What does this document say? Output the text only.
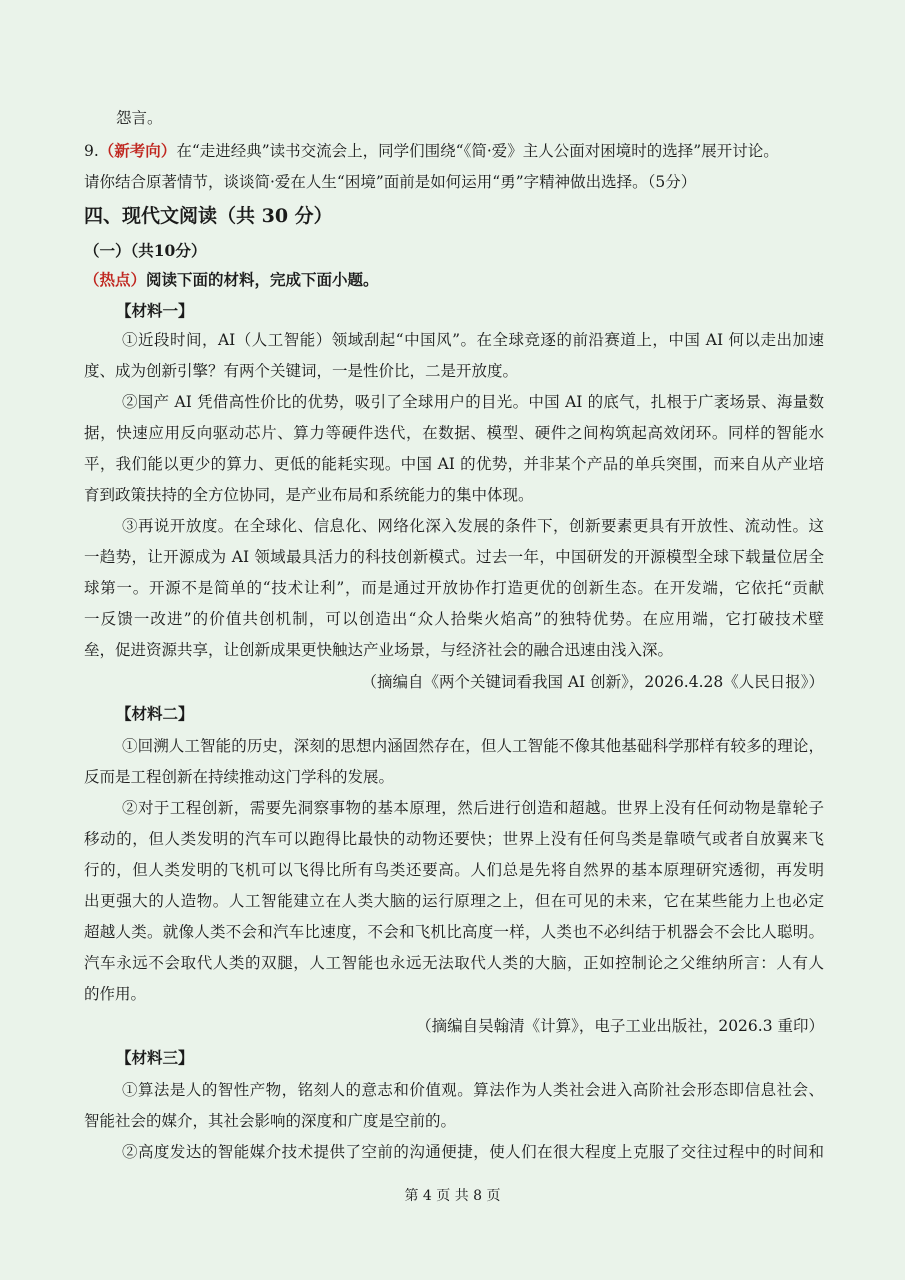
怨言。
9.（新考向）在“走进经典”读书交流会上，同学们围绕“《简·爱》主人公面对困境时的选择”展开讨论。
请你结合原著情节，谈谈简·爱在人生“困境”面前是如何运用“勇”字精神做出选择。（5分）
四、现代文阅读（共 30 分）
（一）（共10分）
（热点）阅读下面的材料，完成下面小题。
【材料一】
①近段时间，AI（人工智能）领域刮起“中国风”。在全球竞逐的前沿赛道上，中国 AI 何以走出加速
度、成为创新引擎？有两个关键词，一是性价比，二是开放度。
②国产 AI 凭借高性价比的优势，吸引了全球用户的目光。中国 AI 的底气，扎根于广袤场景、海量数
据，快速应用反向驱动芯片、算力等硬件迭代，在数据、模型、硬件之间构筑起高效闭环。同样的智能水
平，我们能以更少的算力、更低的能耗实现。中国 AI 的优势，并非某个产品的单兵突围，而来自从产业培
育到政策扶持的全方位协同，是产业布局和系统能力的集中体现。
③再说开放度。在全球化、信息化、网络化深入发展的条件下，创新要素更具有开放性、流动性。这
一趋势，让开源成为 AI 领域最具活力的科技创新模式。过去一年，中国研发的开源模型全球下载量位居全
球第一。开源不是简单的“技术让利”，而是通过开放协作打造更优的创新生态。在开发端，它依托“贡献
一反馈一改进”的价值共创机制，可以创造出“众人拾柴火焰高”的独特优势。在应用端，它打破技术壁
垒，促进资源共享，让创新成果更快触达产业场景，与经济社会的融合迅速由浅入深。
（摘编自《两个关键词看我国 AI 创新》，2026.4.28《人民日报》）
【材料二】
①回溯人工智能的历史，深刻的思想内涵固然存在，但人工智能不像其他基础科学那样有较多的理论，
反而是工程创新在持续推动这门学科的发展。
②对于工程创新，需要先洞察事物的基本原理，然后进行创造和超越。世界上没有任何动物是靠轮子
移动的，但人类发明的汽车可以跑得比最快的动物还要快；世界上没有任何鸟类是靠喷气或者自放翼来飞
行的，但人类发明的飞机可以飞得比所有鸟类还要高。人们总是先将自然界的基本原理研究透彻，再发明
出更强大的人造物。人工智能建立在人类大脑的运行原理之上，但在可见的未来，它在某些能力上也必定
超越人类。就像人类不会和汽车比速度，不会和飞机比高度一样，人类也不必纠结于机器会不会比人聪明。
汽车永远不会取代人类的双腿，人工智能也永远无法取代人类的大脑，正如控制论之父维纳所言：人有人
的作用。
（摘编自吴翰清《计算》，电子工业出版社，2026.3 重印）
【材料三】
①算法是人的智性产物，铭刻人的意志和价值观。算法作为人类社会进入高阶社会形态即信息社会、
智能社会的媒介，其社会影响的深度和广度是空前的。
②高度发达的智能媒介技术提供了空前的沟通便捷，使人们在很大程度上克服了交往过程中的时间和
第 4 页 共 8 页
